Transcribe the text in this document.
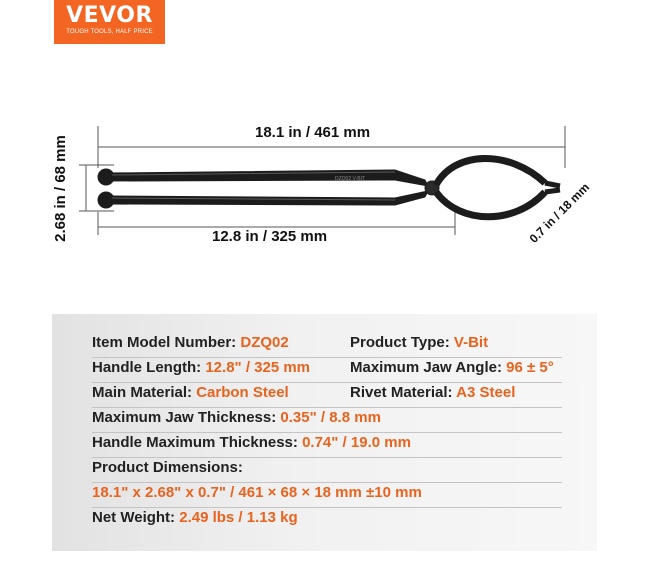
VEVOR
TOUGH TOOLS, HALF PRICE
DZQ02 V-BIT
18.1 in / 461 mm
12.8 in / 325 mm
2.68 in / 68 mm	0.7 in / 18 mm
Item Model Number: DZQ02	Product Type: V-Bit
Handle Length: 12.8" / 325 mm	Maximum Jaw Angle: 96 ± 5°
Main Material: Carbon Steel	Rivet Material: A3 Steel
Maximum Jaw Thickness: 0.35" / 8.8 mm
Handle Maximum Thickness: 0.74" / 19.0 mm
Product Dimensions:
18.1" x 2.68" x 0.7" / 461 × 68 × 18 mm ±10 mm
Net Weight: 2.49 lbs / 1.13 kg
